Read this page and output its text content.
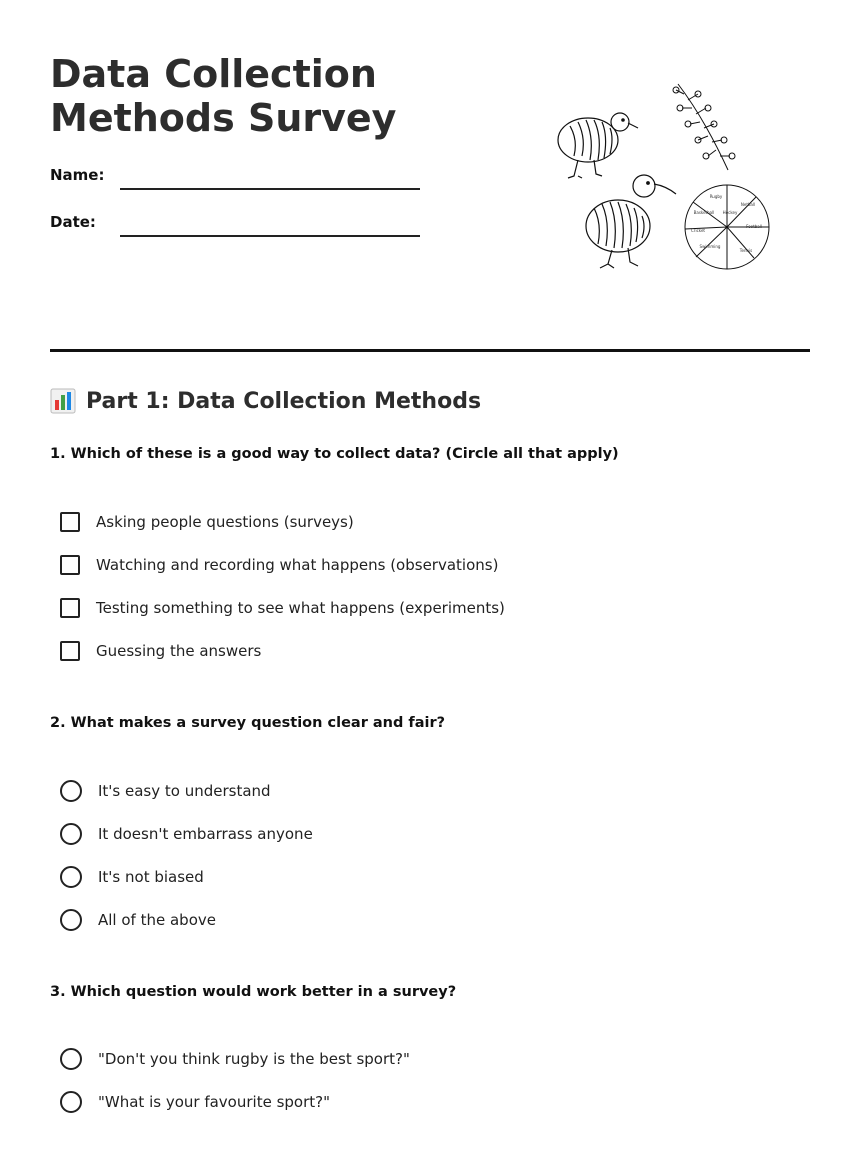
Data Collection
Methods Survey
Name:
Date:
Rugby
Netball
Football
Tennis
Swimming
Cricket
Basketball Hockey
Part 1: Data Collection Methods
1. Which of these is a good way to collect data? (Circle all that apply)
Asking people questions (surveys)
Watching and recording what happens (observations)
Testing something to see what happens (experiments)
Guessing the answers
2. What makes a survey question clear and fair?
It's easy to understand
It doesn't embarrass anyone
It's not biased
All of the above
3. Which question would work better in a survey?
"Don't you think rugby is the best sport?"
"What is your favourite sport?"
